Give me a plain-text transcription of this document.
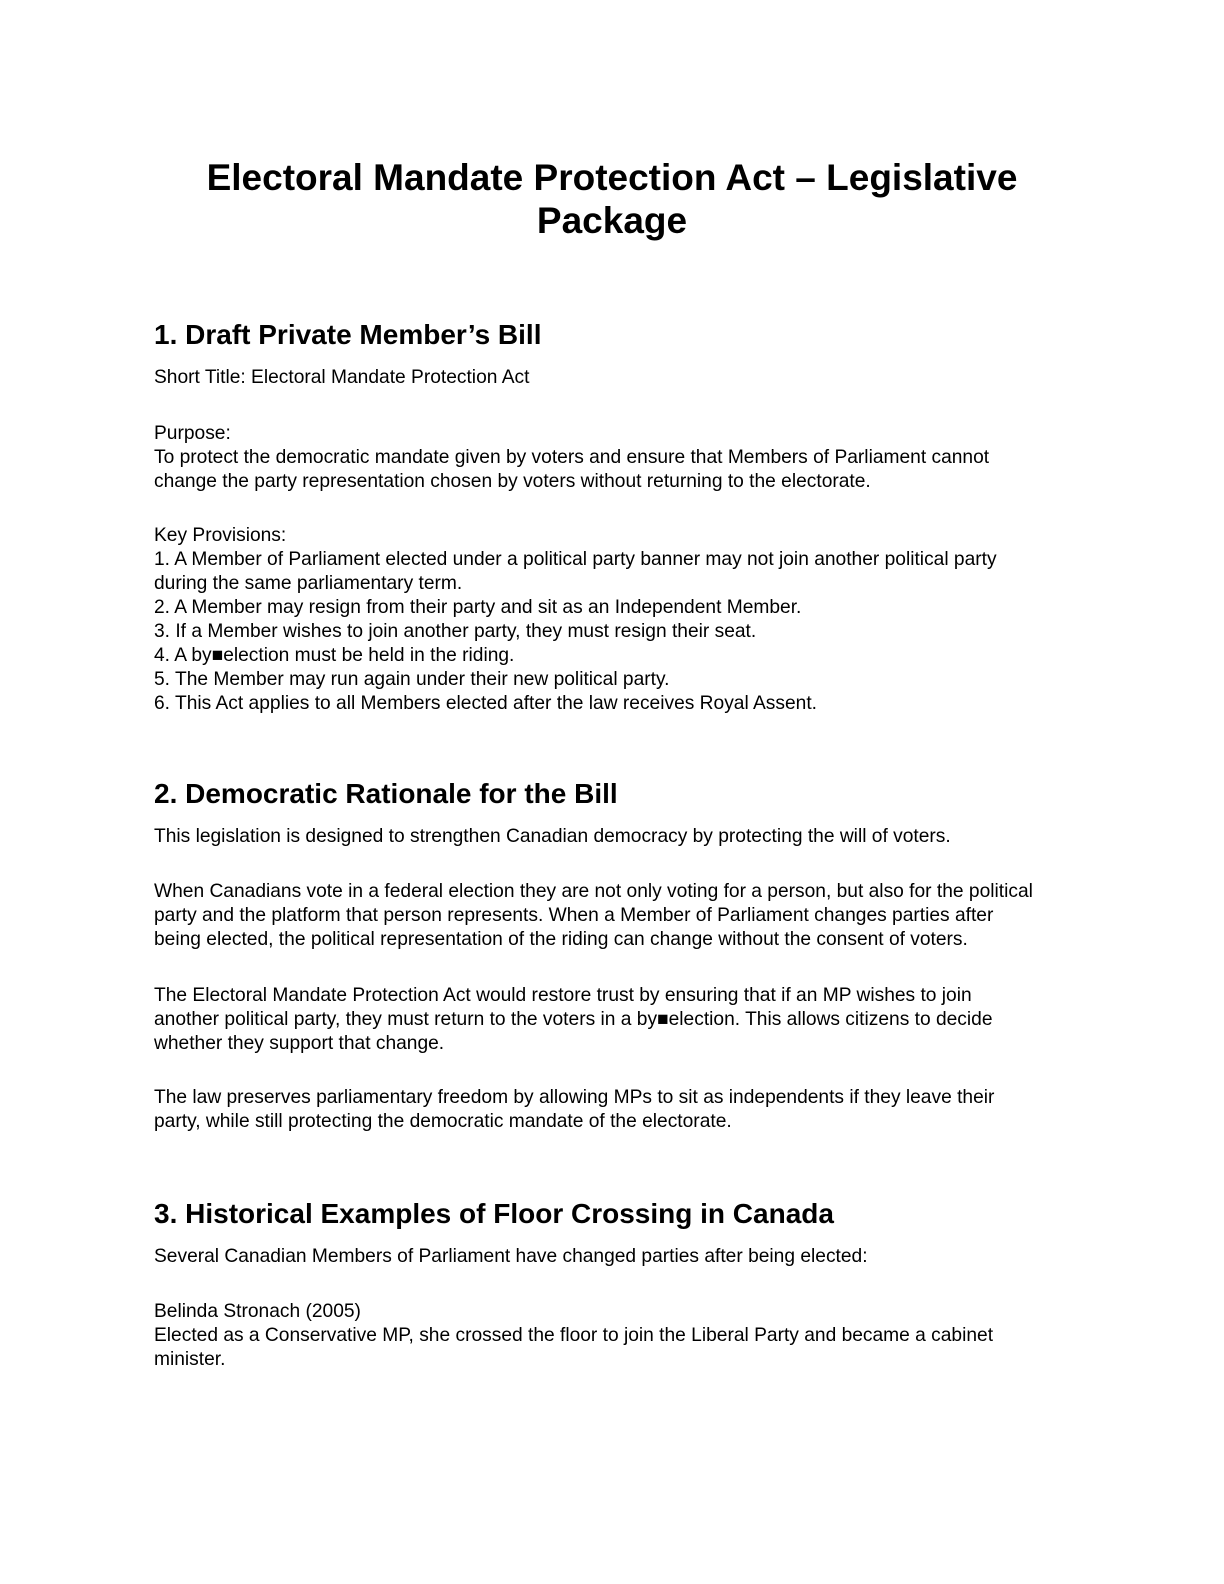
Electoral Mandate Protection Act – Legislative
Package
1. Draft Private Member’s Bill

Short Title: Electoral Mandate Protection Act

Purpose:
To protect the democratic mandate given by voters and ensure that Members of Parliament cannot
change the party representation chosen by voters without returning to the electorate.

Key Provisions:
1. A Member of Parliament elected under a political party banner may not join another political party
during the same parliamentary term.
2. A Member may resign from their party and sit as an Independent Member.
3. If a Member wishes to join another party, they must resign their seat.
4. A by■election must be held in the riding.
5. The Member may run again under their new political party.
6. This Act applies to all Members elected after the law receives Royal Assent.

2. Democratic Rationale for the Bill

This legislation is designed to strengthen Canadian democracy by protecting the will of voters.

When Canadians vote in a federal election they are not only voting for a person, but also for the political
party and the platform that person represents. When a Member of Parliament changes parties after
being elected, the political representation of the riding can change without the consent of voters.

The Electoral Mandate Protection Act would restore trust by ensuring that if an MP wishes to join
another political party, they must return to the voters in a by■election. This allows citizens to decide
whether they support that change.

The law preserves parliamentary freedom by allowing MPs to sit as independents if they leave their
party, while still protecting the democratic mandate of the electorate.

3. Historical Examples of Floor Crossing in Canada

Several Canadian Members of Parliament have changed parties after being elected:

Belinda Stronach (2005)
Elected as a Conservative MP, she crossed the floor to join the Liberal Party and became a cabinet
minister.
